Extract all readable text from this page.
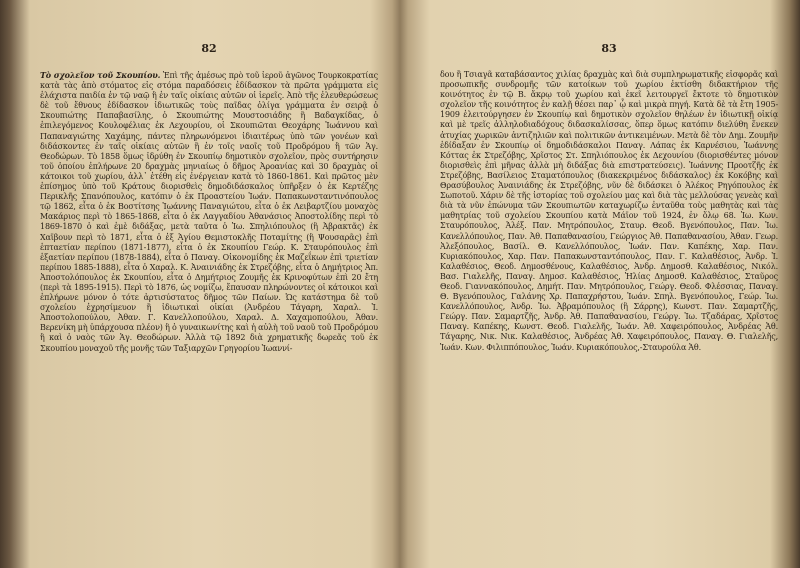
82
Τὸ σχολεῖον τοῦ Σκουπίου. Ἐπὶ τῆς ἀμέσως πρὸ τοῦ ἱεροῦ ἀγῶνος Τουρκοκρατίας κατὰ τὰς ἀπὸ στόματος εἰς στόμα παραδόσεις ἐδίδασκον τὰ πρῶτα γράμματα εἰς ἐλάχιστα παιδία ἐν τῷ ναῷ ἢ ἐν ταῖς οἰκίαις αὐτῶν οἱ ἱερεῖς. Ἀπὸ τῆς ἐλευθερώσεως δὲ τοῦ ἔθνους ἐδίδασκον ἰδιωτικῶς τοὺς παῖδας ὀλίγα γράμματα ἐν σειρᾷ ὁ Σκουπιώτης Παπαβασίλης, ὁ Σκουπιώτης Μουστοσιάδης ἢ Βαδαγκίδας, ὁ ἐπιλεγόμενος Κουλοφέλιας ἐκ Λεχουρίου, οἱ Σκουπιῶται Θεοχάρης Ἰωάννου καὶ Παπαναγιώτης Χαχάμης, πάντες πληρωνόμενοι ἰδιαιτέρως ὑπὸ τῶν γονέων καὶ διδάσκοντες ἐν ταῖς οἰκίαις αὐτῶν ἢ ἐν τοῖς ναοῖς τοῦ Προδρόμου ἢ τῶν Ἁγ. Θεοδώρων. Τὸ 1858 ὅμως ἱδρύθη ἐν Σκουπίῳ δημοτικὸν σχολεῖον, πρὸς συντήρησιν τοῦ ὁποίου ἐπλήρωνε 20 δραχμὰς μηνιαίως ὁ δῆμος Ἀροανίας καὶ 30 δραχμὰς οἱ κάτοικοι τοῦ χωρίου, ἀλλ᾽ ἐτέθη εἰς ἐνέργειαν κατὰ τὸ 1860-1861. Καὶ πρῶτος μὲν ἐπίσημος ὑπὸ τοῦ Κράτους διορισθεὶς δημοδιδάσκαλος ὑπῆρξεν ὁ ἐκ Κερτέζης Περικλῆς Σπανόπουλος, κατόπιν ὁ ἐκ Προαστείου Ἰωάν. Παπακωνσταντινόπουλος τῷ 1862, εἶτα ὁ ἐκ Βοστίτσης Ἰωάννης Παναγιώτου, εἶτα ὁ ἐκ Λειβαρτζίου μοναχὸς Μακάριος περὶ τὸ 1865-1868, εἶτα ὁ ἐκ Λαγγαδίου Ἀθανάσιος Ἀποστολίδης περὶ τὸ 1869-1870 ὁ καὶ ἐμὲ διδάξας, μετὰ ταῦτα ὁ Ἰω. Σπηλιόπουλος (ἢ Ἀβρακτᾶς) ἐκ Χαϊβουν περὶ τὸ 1871, εἶτα ὁ ἐξ Ἁγίου Θεμιστοκλῆς Ποταμίτης (ἢ Ψουσαρᾶς) ἐπὶ ἑπταετίαν περίπου (1871-1877), εἶτα ὁ ἐκ Σκουπίου Γεώρ. Κ. Σταυρόπουλος ἐπὶ ἑξαετίαν περίπου (1878-1884), εἶτα ὁ Παναγ. Οἰκονομίδης ἐκ Μαζεΐκων ἐπὶ τριετίαν περίπου 1885-1888), εἶτα ὁ Χαραλ. Κ. Ἀναινιάδης ἐκ Στρεζόβης, εἶτα ὁ Δημήτριος Ἀπ. Ἀποστολόπουλος ἐκ Σκουπίου, εἶτα ὁ Δημήτριος Ζουμῆς ἐκ Κρινοφύτων ἐπὶ 20 ἔτη (περὶ τὰ 1895-1915). Περὶ τὸ 1876, ὡς νομίζω, ἔπαυσαν πληρώνοντες οἱ κάτοικοι καὶ ἐπλήρωνε μόνον ὁ τότε ἀρτισύστατος δῆμος τῶν Παίων. Ὡς κατάστημα δὲ τοῦ σχολείου ἐχρησίμευον ἢ ἰδιωτικαὶ οἰκίαι (Ἀνδρέου Τάγαρη, Χαραλ. Ἰ. Ἀποστολοπούλου, Ἀθαν. Γ. Κανελλοπούλου, Χαραλ. Δ. Χαχαμοπούλου, Ἀθαν. Βερενίκη μὴ ὑπάρχουσα πλέον) ἢ ὁ γυναικωνίτης καὶ ἡ αὐλὴ τοῦ ναοῦ τοῦ Προδρόμου ἢ καὶ ὁ ναὸς τῶν Ἁγ. Θεοδώρων. Ἀλλὰ τῷ 1892 διὰ χρηματικῆς δωρεᾶς τοῦ ἐκ Σκουπίου μοναχοῦ τῆς μονῆς τῶν Ταξιαρχῶν Γρηγορίου Ἰωαννί-
83
δου ἢ Τσιαγᾶ καταβάσαντος χιλίας δραχμὰς καὶ διὰ συμπληρωματικῆς εἰσφορᾶς καὶ προσωπικῆς συνδρομῆς τῶν κατοίκων τοῦ χωρίου ἐκτίσθη διδακτήριον τῆς κοινότητος ἐν τῷ Β. ἄκρῳ τοῦ χωρίου καὶ ἐκεῖ λειτουργεῖ ἔκτοτε τὸ δημοτικὸν σχολεῖον τῆς κοινότητος ἐν καλῇ θέσει παρ᾽ ᾧ καὶ μικρὰ πηγή. Κατὰ δὲ τὰ ἔτη 1905-1909 ἐλειτούργησεν ἐν Σκουπίῳ καὶ δημοτικὸν σχολεῖον θηλέων ἐν ἰδιωτικῇ οἰκίᾳ καὶ μὲ τρεῖς ἀλληλοδιαδόχους διδασκαλίσσας, ὅπερ ὅμως κατόπιν διελύθη ἕνεκεν ἀτυχίας χωρικῶν ἀντιζηλιῶν καὶ πολιτικῶν ἀντικειμένων. Μετὰ δὲ τὸν Δημ. Ζουμῆν ἐδίδαξαν ἐν Σκουπίῳ οἱ δημοδιδάσκαλοι Παναγ. Λάπας ἐκ Καρνέσιου, Ἰωάννης Κόττας ἐκ Στρεζόβης, Χρῖστος Στ. Σπηλιόπουλος ἐκ Δεχουνίου (διορισθέντες μόνον διορισθεὶς ἐπὶ μῆνας ἀλλὰ μὴ διδάξας διὰ επιστρατεύσεις). Ἰωάννης Προοτζῆς ἐκ Στρεζόβης, Βασίλειος Σταματόπουλος (διακεκριμένος διδάσκαλος) ἐκ Κοκόβης καὶ Θρασύβουλος Ἀναινιάδης ἐκ Στρεζόβης, νῦν δὲ διδάσκει ὁ Ἀλέκος Ρηγόπουλος ἐκ Σωποτοῦ. Χάριν δὲ τῆς ἱστορίας τοῦ σχολείου μας καὶ διὰ τὰς μελλούσας γενεὰς καὶ διὰ τὰ νῦν ἐπώνυμα τῶν Σκουπιωτῶν καταχωρίζω ἐνταῦθα τοὺς μαθητὰς καὶ τὰς μαθητρίας τοῦ σχολείου Σκουπίου κατὰ Μάϊον τοῦ 1924, ἐν ὅλῳ 68. Ἰω. Κων. Σταυρόπουλος, Ἀλέξ. Παν. Μητρόπουλος, Σταυρ. Θεοδ. Βγενόπουλος, Παν. Ἰω. Κανελλόπουλος, Παν. Ἀθ. Παπαθανασίου, Γεώργιος Ἀθ. Παπαθανασίου, Ἀθαν. Γεωρ. Ἀλεξόπουλος, Βασίλ. Θ. Κανελλόπουλος, Ἰωάν. Παν. Καπέκης, Χαρ. Παν. Κυριακόπουλος, Χαρ. Παν. Παπακωνσταντόπουλος, Παν. Γ. Καλαθέσιος, Ἀνδρ. Ἰ. Καλαθέσιος, Θεοδ. Δημοσθένους, Καλαθέσιος, Ἀνδρ. Δημοσθ. Καλαθέσιος, Νικόλ. Βασ. Γιαλελῆς, Παναγ. Δημοσ. Καλαθέσιος, Ἡλίας Δημοσθ. Καλαθέσιος, Σταῦρος Θεοδ. Γιαννακόπουλος, Δημήτ. Παν. Μητρόπουλος, Γεώργ. Θεοδ. Φλέσσιας, Παναγ. Θ. Βγενόπουλος, Γαλάνης Χρ. Παπαχρήστου, Ἰωάν. Σπηλ. Βγενόπουλος, Γεώρ. Ἰω. Κανελλόπουλος, Ἀνδρ. Ἰω. Ἀβραμόπουλος (ἢ Σάρρης), Κωνστ. Παν. Σαμαρτζῆς, Γεώργ. Παν. Σαμαρτζῆς, Ἀνδρ. Ἀθ. Παπαθανασίου, Γεώργ. Ἰω. Τζαδάρας, Χρῖστος Παναγ. Καπέκης, Κωνστ. Θεοδ. Γιαλελῆς, Ἰωάν. Ἀθ. Χαφειρόπουλος, Ἀνδρέας Ἀθ. Τάγαρης, Νικ. Νικ. Καλαθέσιος, Ἀνδρέας Ἀθ. Χαφειρόπουλος, Παναγ. Θ. Γιαλελῆς, Ἰωάν. Κων. Φιλιππόπουλος, Ἰωάν. Κυριακόπουλος,-Σταυρούλα Ἀθ.
